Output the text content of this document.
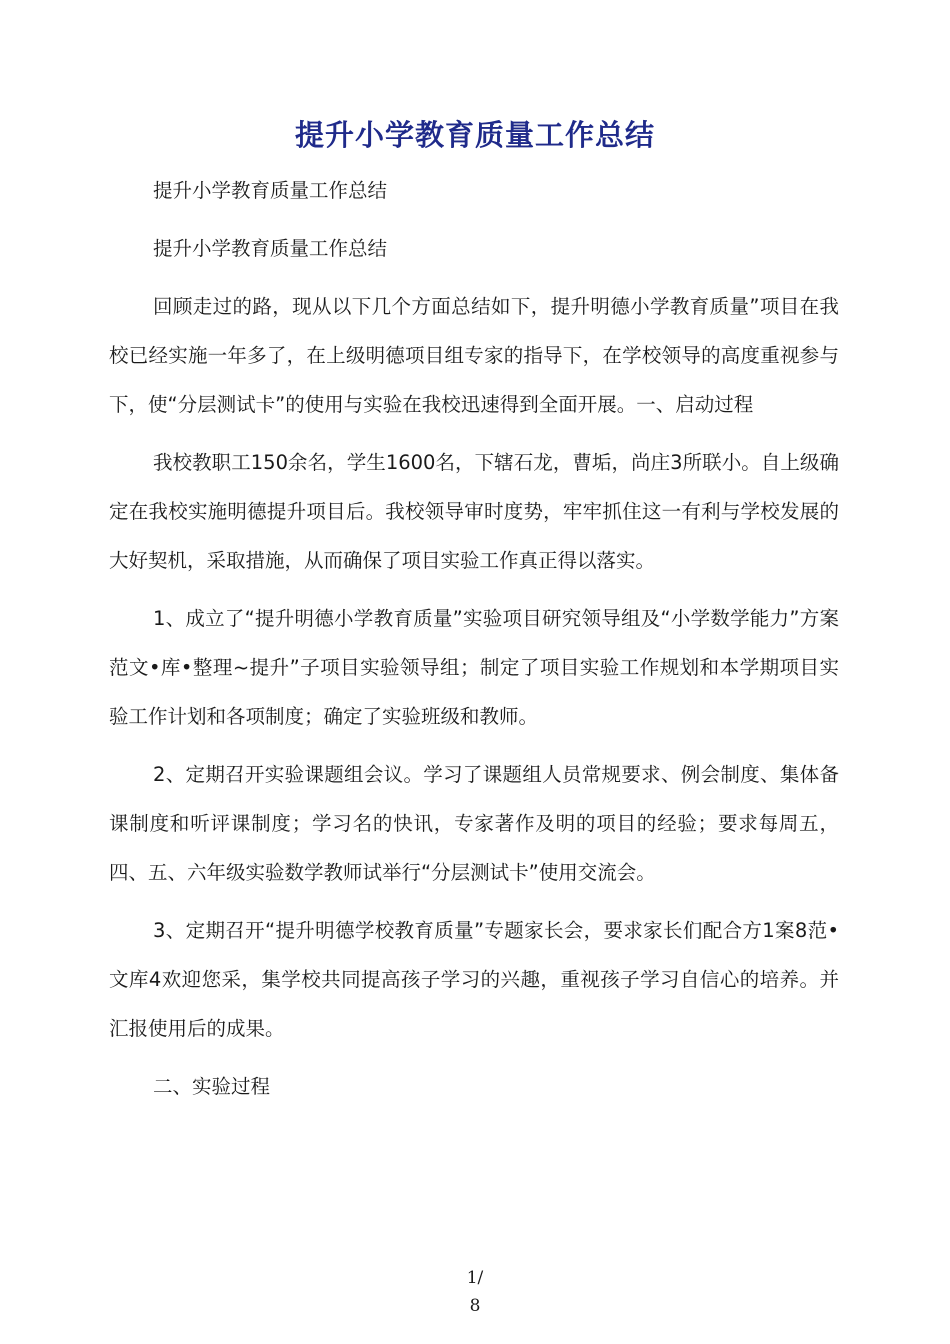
提升小学教育质量工作总结

提升小学教育质量工作总结

提升小学教育质量工作总结

回顾走过的路，现从以下几个方面总结如下，提升明德小学教育质量”项目在我校已经实施一年多了，在上级明德项目组专家的指导下，在学校领导的高度重视参与下，使“分层测试卡”的使用与实验在我校迅速得到全面开展。一、启动过程

我校教职工150余名，学生1600名，下辖石龙，曹垢，尚庄3所联小。自上级确定在我校实施明德提升项目后。我校领导审时度势，牢牢抓住这一有利与学校发展的大好契机，采取措施，从而确保了项目实验工作真正得以落实。

1、成立了“提升明德小学教育质量”实验项目研究领导组及“小学数学能力”方案范文•库•整理~提升”子项目实验领导组；制定了项目实验工作规划和本学期项目实验工作计划和各项制度；确定了实验班级和教师。

2、定期召开实验课题组会议。学习了课题组人员常规要求、例会制度、集体备课制度和听评课制度；学习名的快讯，专家著作及明的项目的经验；要求每周五，四、五、六年级实验数学教师试举行“分层测试卡”使用交流会。

3、定期召开“提升明德学校教育质量”专题家长会，要求家长们配合方1案8范•文库4欢迎您采，集学校共同提高孩子学习的兴趣，重视孩子学习自信心的培养。并汇报使用后的成果。

二、实验过程

1/
8
